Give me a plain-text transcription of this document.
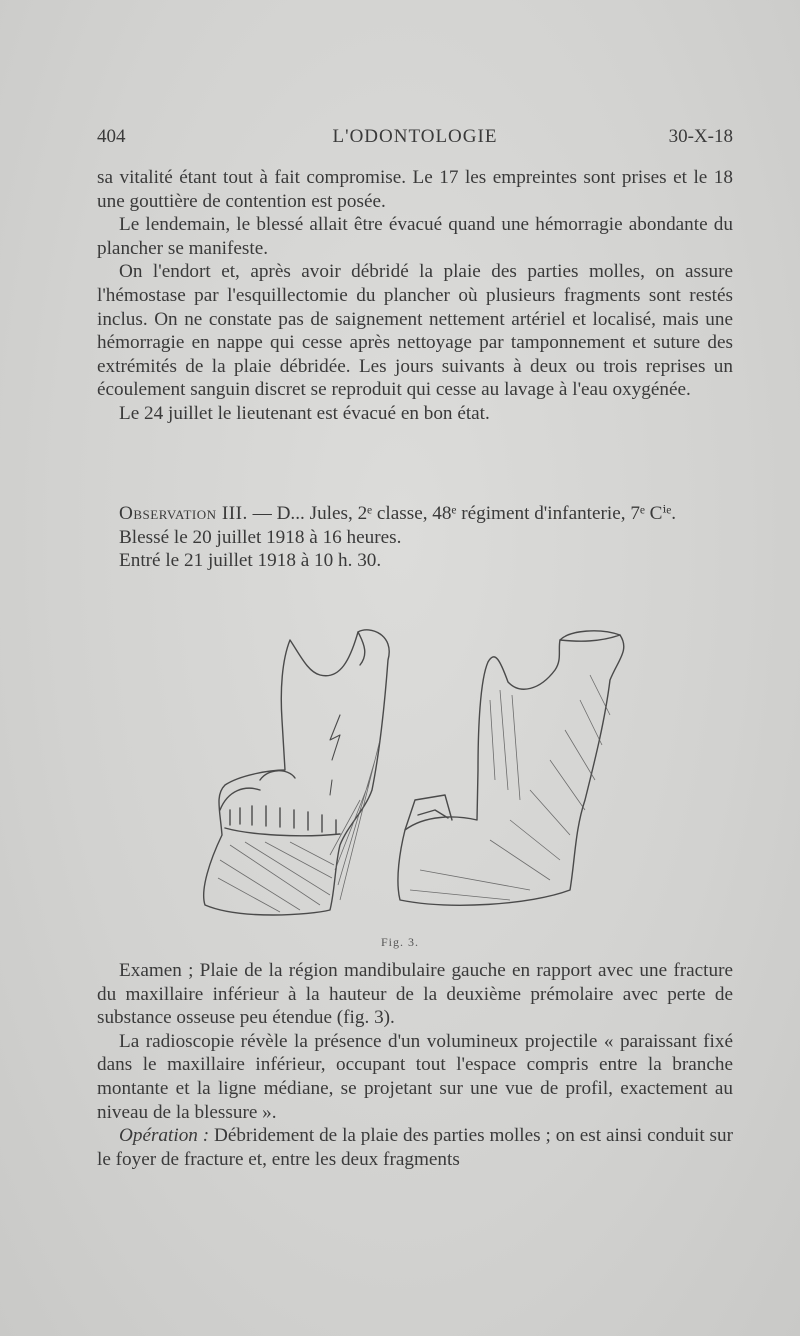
404	L'ODONTOLOGIE	30-X-18

sa vitalité étant tout à fait compromise. Le 17 les empreintes sont prises et le 18 une gouttière de contention est posée.

Le lendemain, le blessé allait être évacué quand une hémorragie abondante du plancher se manifeste.

On l'endort et, après avoir débridé la plaie des parties molles, on assure l'hémostase par l'esquillectomie du plancher où plusieurs fragments sont restés inclus. On ne constate pas de saignement nettement artériel et localisé, mais une hémorragie en nappe qui cesse après nettoyage par tamponnement et suture des extrémités de la plaie débridée. Les jours suivants à deux ou trois reprises un écoulement sanguin discret se reproduit qui cesse au lavage à l'eau oxygénée.

Le 24 juillet le lieutenant est évacué en bon état.

Observation III. — D... Jules, 2ᵉ classe, 48ᵉ régiment d'infanterie, 7ᵉ Cⁱᵉ.

Blessé le 20 juillet 1918 à 16 heures.

Entré le 21 juillet 1918 à 10 h. 30.

Fig. 3.

Examen ; Plaie de la région mandibulaire gauche en rapport avec une fracture du maxillaire inférieur à la hauteur de la deuxième prémolaire avec perte de substance osseuse peu étendue (fig. 3).

La radioscopie révèle la présence d'un volumineux projectile « paraissant fixé dans le maxillaire inférieur, occupant tout l'espace compris entre la branche montante et la ligne médiane, se projetant sur une vue de profil, exactement au niveau de la blessure ».

Opération : Débridement de la plaie des parties molles ; on est ainsi conduit sur le foyer de fracture et, entre les deux fragments
